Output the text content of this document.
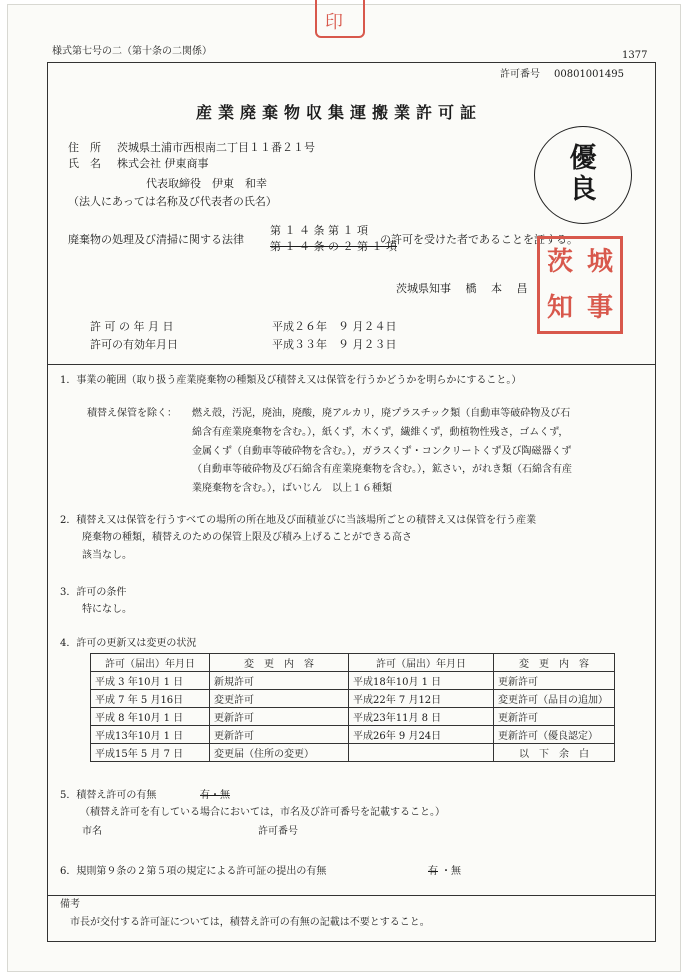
印
様式第七号の二（第十条の二関係）	1377
許可番号 00801001495
産業廃棄物収集運搬業許可証
住　所 茨城県土浦市西根南二丁目１１番２１号
氏　名 株式会社 伊東商事
代表取締役　伊東　和幸
（法人にあっては名称及び代表者の氏名）
優
良
廃棄物の処理及び清掃に関する法律
第 １ ４ 条 第 １ 項
第 １ ４ 条 の ２ 第 １ 項
の許可を受けた者であることを証する。
茨城県知事　 橋　 本　 昌
茨 城
知 事
許 可 の 年 月 日	平成２６年　９ 月２４日
許可の有効年月日	平成３３年　９ 月２３日
1．事業の範囲（取り扱う産業廃棄物の種類及び積替え又は保管を行うかどうかを明らかにすること。）
積替え保管を除く： 燃え殻，汚泥，廃油，廃酸，廃アルカリ，廃プラスチック類（自動車等破砕物及び石
綿含有産業廃棄物を含む。），紙くず，木くず，繊維くず，動植物性残さ，ゴムくず，
金属くず（自動車等破砕物を含む。），ガラスくず・コンクリートくず及び陶磁器くず
（自動車等破砕物及び石綿含有産業廃棄物を含む。），鉱さい，がれき類（石綿含有産
業廃棄物を含む。），ばいじん　以上１６種類
2．積替え又は保管を行うすべての場所の所在地及び面積並びに当該場所ごとの積替え又は保管を行う産業
廃棄物の種類，積替えのための保管上限及び積み上げることができる高さ
該当なし。
3．許可の条件
特になし。
4．許可の更新又は変更の状況
許可（届出）年月日	変　更　内　容	許可（届出）年月日	変　更　内　容
平成 3 年10月 1 日	新規許可	平成18年10月 1 日	更新許可
平成 7 年 5 月16日	変更許可	平成22年 7 月12日	変更許可（品目の追加）
平成 8 年10月 1 日	更新許可	平成23年11月 8 日	更新許可
平成13年10月 1 日	更新許可	平成26年 9 月24日	更新許可（優良認定）
平成15年 5 月 7 日	変更届（住所の変更）		以　下　余　白
5．積替え許可の有無	有・無
（積替え許可を有している場合においては，市名及び許可番号を記載すること。）
市名	許可番号
6．規則第９条の２第５項の規定による許可証の提出の有無	有 ・無
備考
市長が交付する許可証については，積替え許可の有無の記載は不要とすること。
